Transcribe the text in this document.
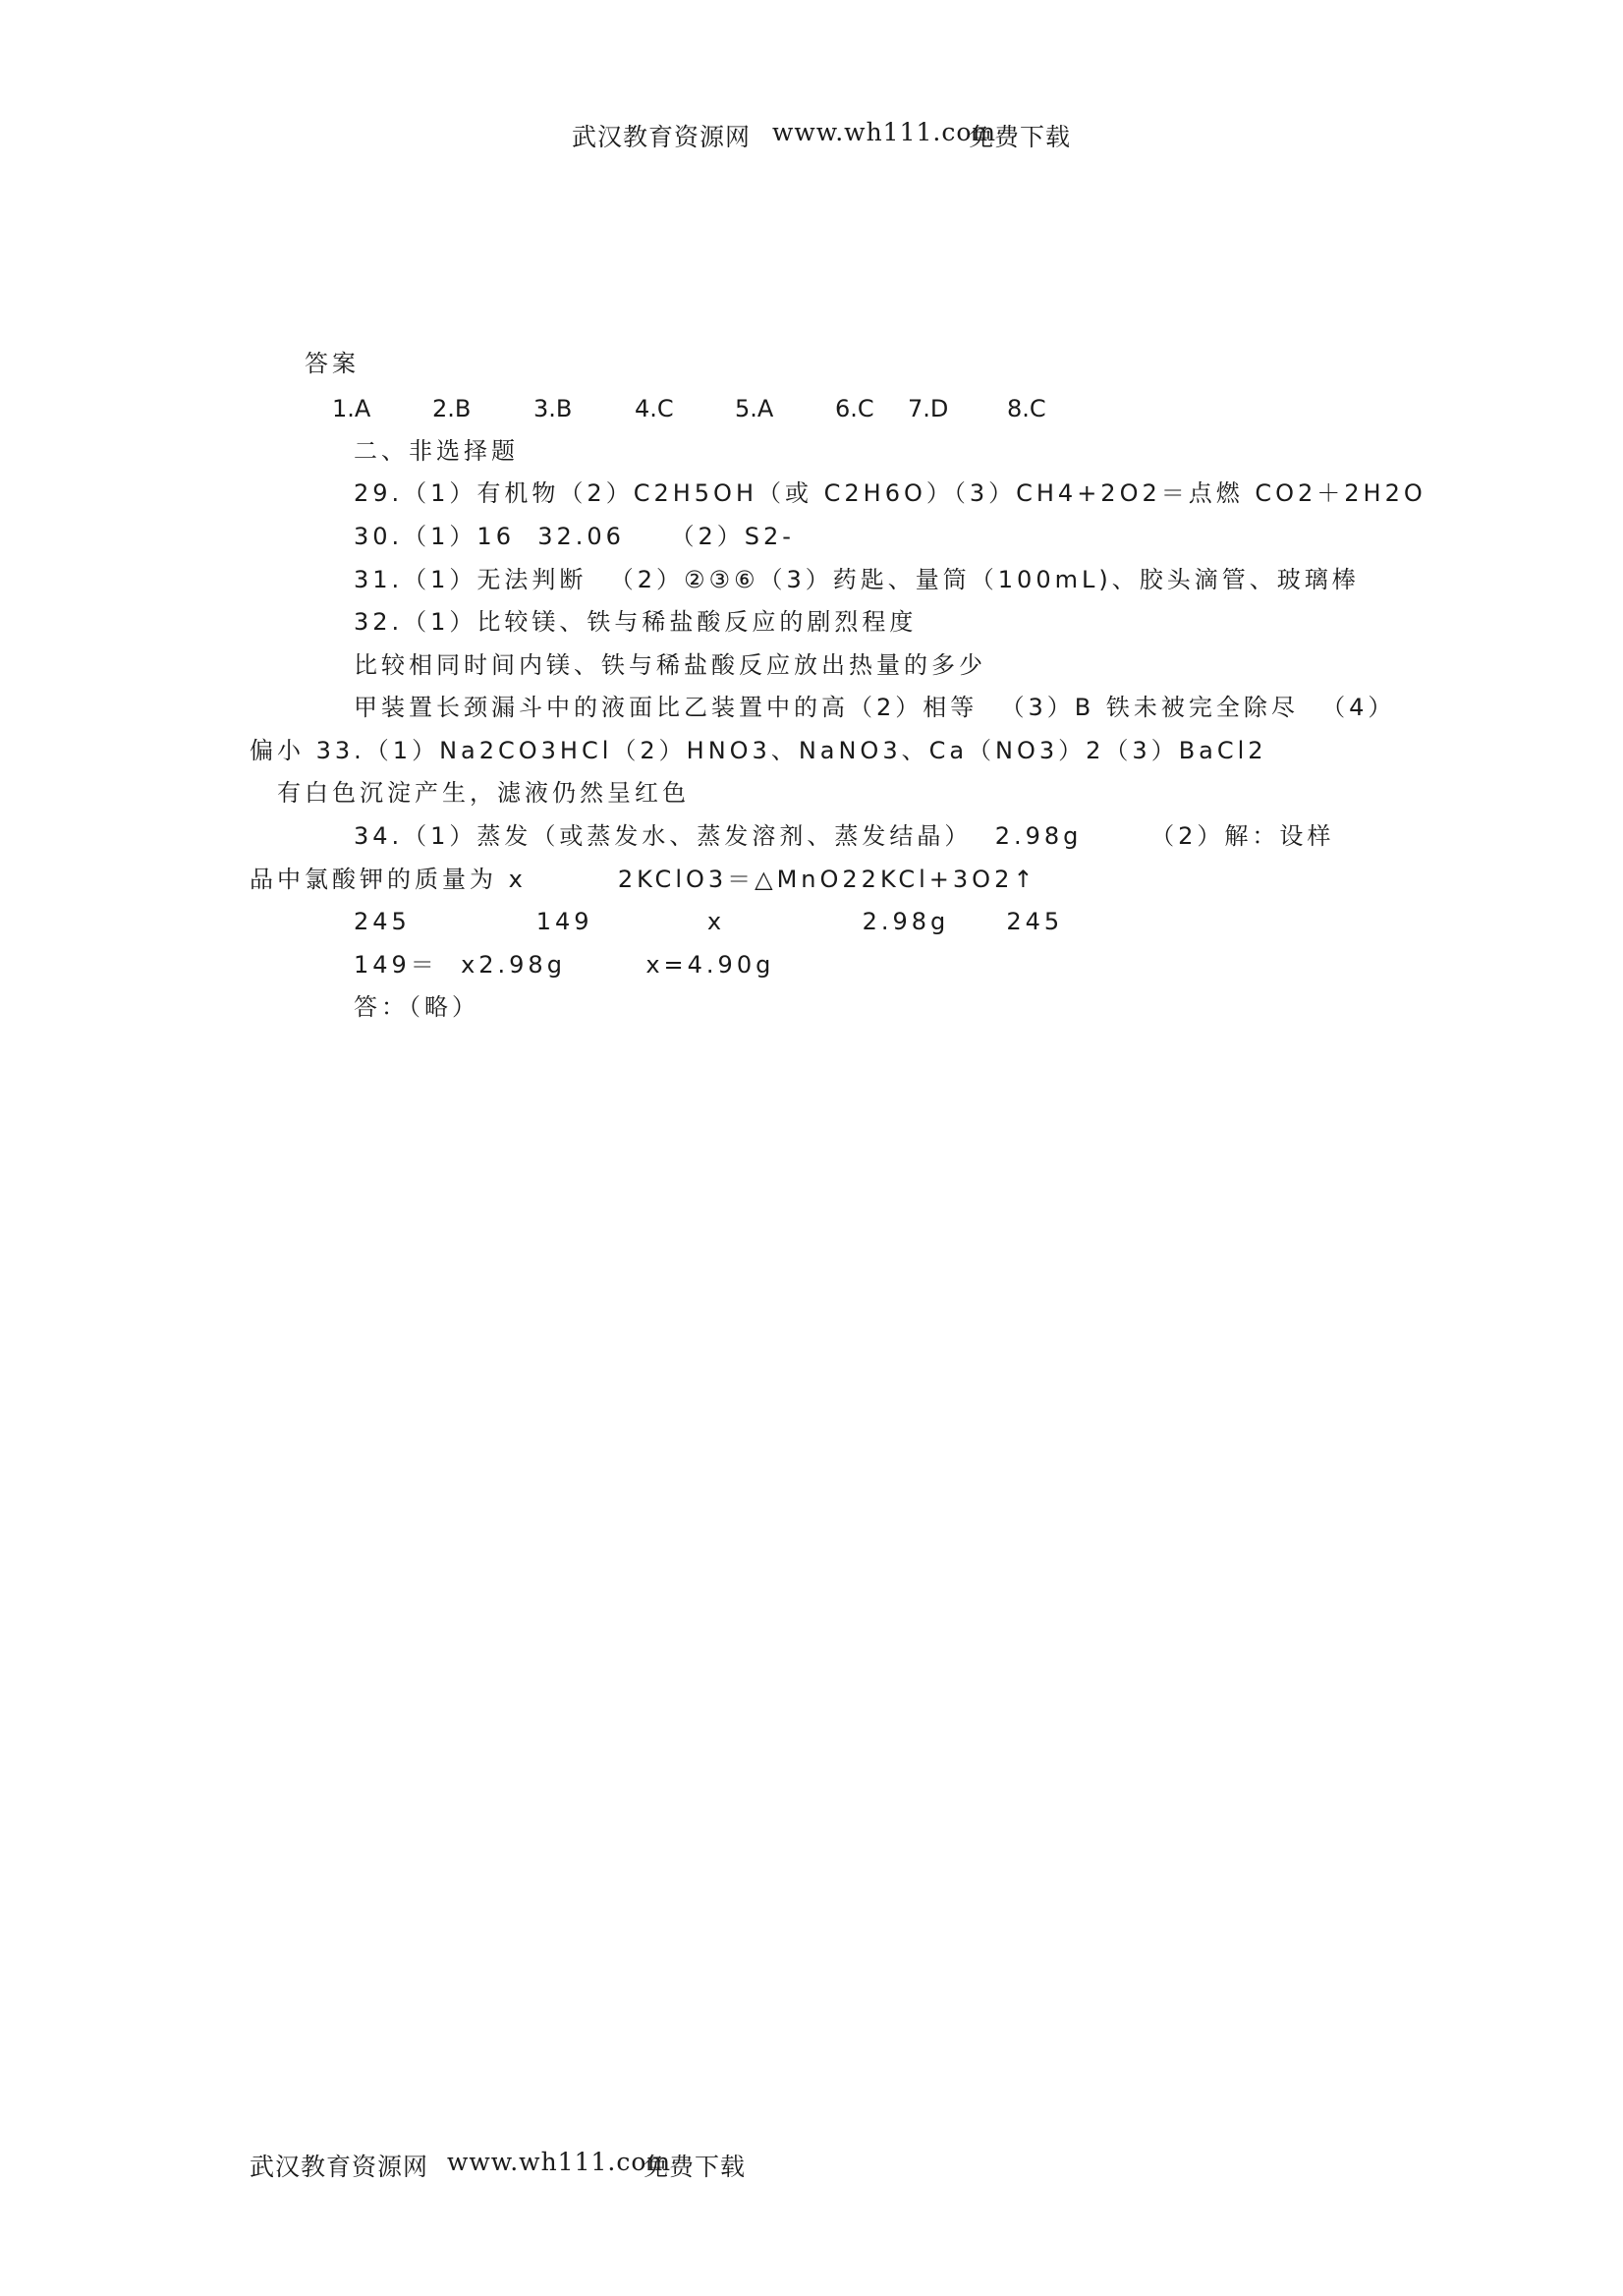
武汉教育资源网 www.wh111.com
免费下载
答案
1.A	2.B	3.B	4.C	5.A	6.C 7.D 8.C
二、非选择题
29.（1）有机物（2）C2H5OH（或 C2H6O）（3）CH4+2O2＝点燃 CO2＋2H2O
30.（1）16  32.06    （2）S2-
31.（1）无法判断  （2）②③⑥（3）药匙、量筒（100mL)、胶头滴管、玻璃棒
32.（1）比较镁、铁与稀盐酸反应的剧烈程度
比较相同时间内镁、铁与稀盐酸反应放出热量的多少
甲装置长颈漏斗中的液面比乙装置中的高（2）相等  （3）B 铁未被完全除尽  （4）
偏小 33.（1）Na2CO3HCl（2）HNO3、NaNO3、Ca（NO3）2（3）BaCl2
有白色沉淀产生，滤液仍然呈红色
34.（1）蒸发（或蒸发水、蒸发溶剂、蒸发结晶）  2.98g      （2）解：设样
品中氯酸钾的质量为 x        2KClO3＝△MnO22KCl+3O2↑
245           149          x            2.98g     245
149＝  x2.98g       x=4.90g
答：（略）
武汉教育资源网 www.wh111.com
免费下载
